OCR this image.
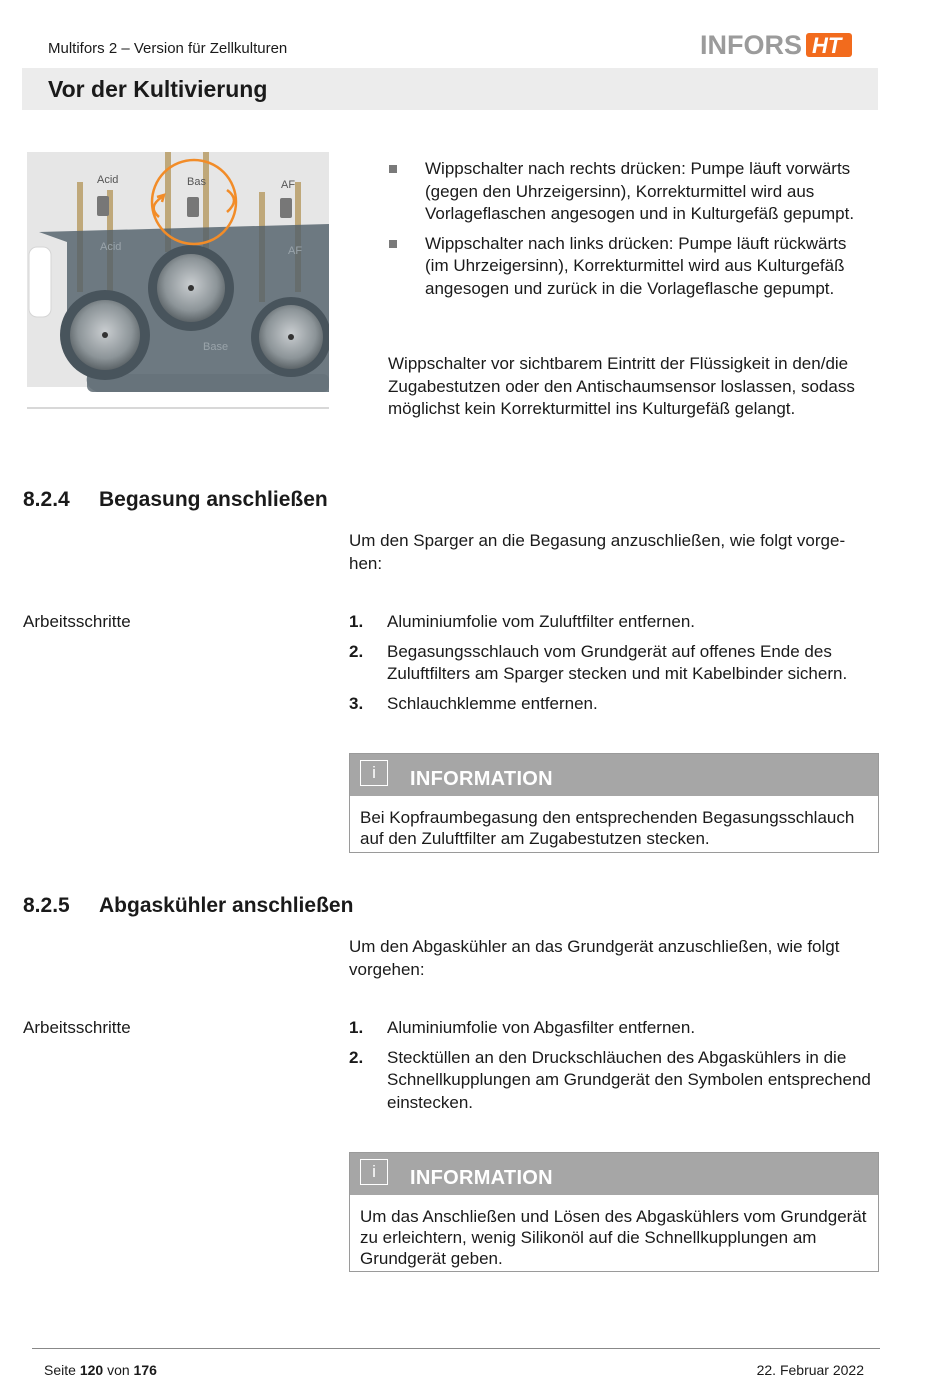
Multifors 2 – Version für Zellkulturen	INFORS HT
Vor der Kultivierung
Acid	Bas	AF
Acid	AF
Base
Wippschalter nach rechts drücken: Pumpe läuft vorwärts (gegen den Uhrzeigersinn), Korrekturmittel wird aus Vorlageflaschen angesogen und in Kulturgefäß gepumpt.
Wippschalter nach links drücken: Pumpe läuft rückwärts (im Uhrzeigersinn), Korrekturmittel wird aus Kulturgefäß angesogen und zurück in die Vorlageflasche gepumpt.
Wippschalter vor sichtbarem Eintritt der Flüssigkeit in den/die Zugabestutzen oder den Antischaumsensor loslassen, sodass möglichst kein Korrekturmittel ins Kulturgefäß gelangt.
8.2.4 Begasung anschließen
Um den Sparger an die Begasung anzuschließen, wie folgt vorgehen:
Arbeitsschritte	1. Aluminiumfolie vom Zuluftfilter entfernen.
2. Begasungsschlauch vom Grundgerät auf offenes Ende des Zuluftfilters am Sparger stecken und mit Kabelbinder sichern.
3. Schlauchklemme entfernen.
i	INFORMATION
Bei Kopfraumbegasung den entsprechenden Begasungsschlauch auf den Zuluftfilter am Zugabestutzen stecken.
8.2.5 Abgaskühler anschließen
Um den Abgaskühler an das Grundgerät anzuschließen, wie folgt vorgehen:
Arbeitsschritte	1. Aluminiumfolie von Abgasfilter entfernen.
2. Stecktüllen an den Druckschläuchen des Abgaskühlers in die Schnellkupplungen am Grundgerät den Symbolen entsprechend einstecken.
i	INFORMATION
Um das Anschließen und Lösen des Abgaskühlers vom Grundgerät zu erleichtern, wenig Silikonöl auf die Schnellkupplungen am Grundgerät geben.
Seite 120 von 176	22. Februar 2022
